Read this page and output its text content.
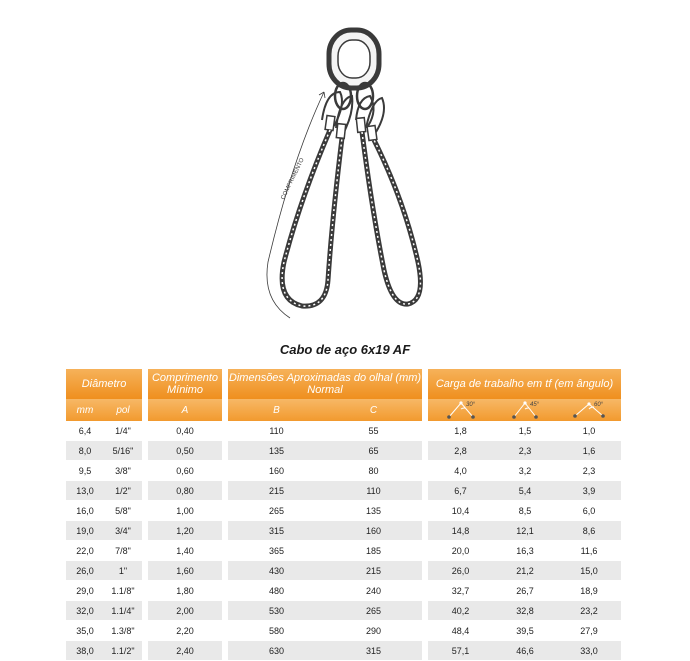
COMPRIMENTO
Cabo de aço 6x19 AF
Diâmetro			Comprimento Mínimo		Dimensões Aproximadas do olhal (mm) Normal			Carga de trabalho em tf (em ângulo)		
mm	pol		A		B	C		30°	45°	60°

6,4	1/4"		0,40		110	55		1,8	1,5	1,0
8,0	5/16"		0,50		135	65		2,8	2,3	1,6
9,5	3/8"		0,60		160	80		4,0	3,2	2,3
13,0	1/2"		0,80		215	110		6,7	5,4	3,9
16,0	5/8"		1,00		265	135		10,4	8,5	6,0
19,0	3/4"		1,20		315	160		14,8	12,1	8,6
22,0	7/8"		1,40		365	185		20,0	16,3	11,6
26,0	1"		1,60		430	215		26,0	21,2	15,0
29,0	1.1/8"		1,80		480	240		32,7	26,7	18,9
32,0	1.1/4"		2,00		530	265		40,2	32,8	23,2
35,0	1.3/8"		2,20		580	290		48,4	39,5	27,9
38,0	1.1/2"		2,40		630	315		57,1	46,6	33,0
